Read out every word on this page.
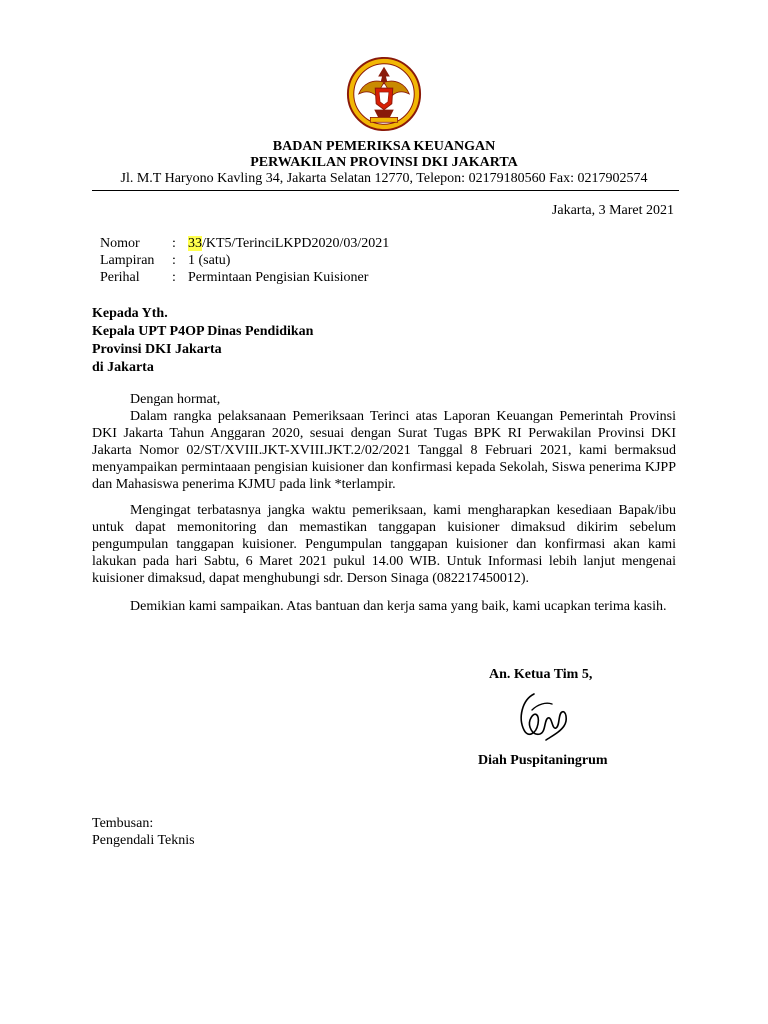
BADAN PEMERIKSA KEUANGAN
PERWAKILAN PROVINSI DKI JAKARTA
Jl. M.T Haryono Kavling 34, Jakarta Selatan 12770, Telepon: 02179180560 Fax: 0217902574
Jakarta, 3 Maret 2021
Nomor	:	33/KT5/TerinciLKPD2020/03/2021
Lampiran	:	1 (satu)
Perihal	:	Permintaan Pengisian Kuisioner
Kepada Yth.
Kepala UPT P4OP Dinas Pendidikan
Provinsi DKI Jakarta
di Jakarta
Dengan hormat,
Dalam rangka pelaksanaan Pemeriksaan Terinci atas Laporan Keuangan Pemerintah Provinsi DKI Jakarta Tahun Anggaran 2020, sesuai dengan Surat Tugas BPK RI Perwakilan Provinsi DKI Jakarta Nomor 02/ST/XVIII.JKT-XVIII.JKT.2/02/2021 Tanggal 8 Februari 2021, kami bermaksud menyampaikan permintaaan pengisian kuisioner dan konfirmasi kepada Sekolah, Siswa penerima KJPP dan Mahasiswa penerima KJMU pada link *terlampir.
Mengingat terbatasnya jangka waktu pemeriksaan, kami mengharapkan kesediaan Bapak/ibu untuk dapat memonitoring dan memastikan tanggapan kuisioner dimaksud dikirim sebelum pengumpulan tanggapan kuisioner. Pengumpulan tanggapan kuisioner dan konfirmasi akan kami lakukan pada hari Sabtu, 6 Maret 2021 pukul 14.00 WIB. Untuk Informasi lebih lanjut mengenai kuisioner dimaksud, dapat menghubungi sdr. Derson Sinaga (082217450012).
Demikian kami sampaikan. Atas bantuan dan kerja sama yang baik, kami ucapkan terima kasih.
An. Ketua Tim 5,
Diah Puspitaningrum
Tembusan:
Pengendali Teknis
